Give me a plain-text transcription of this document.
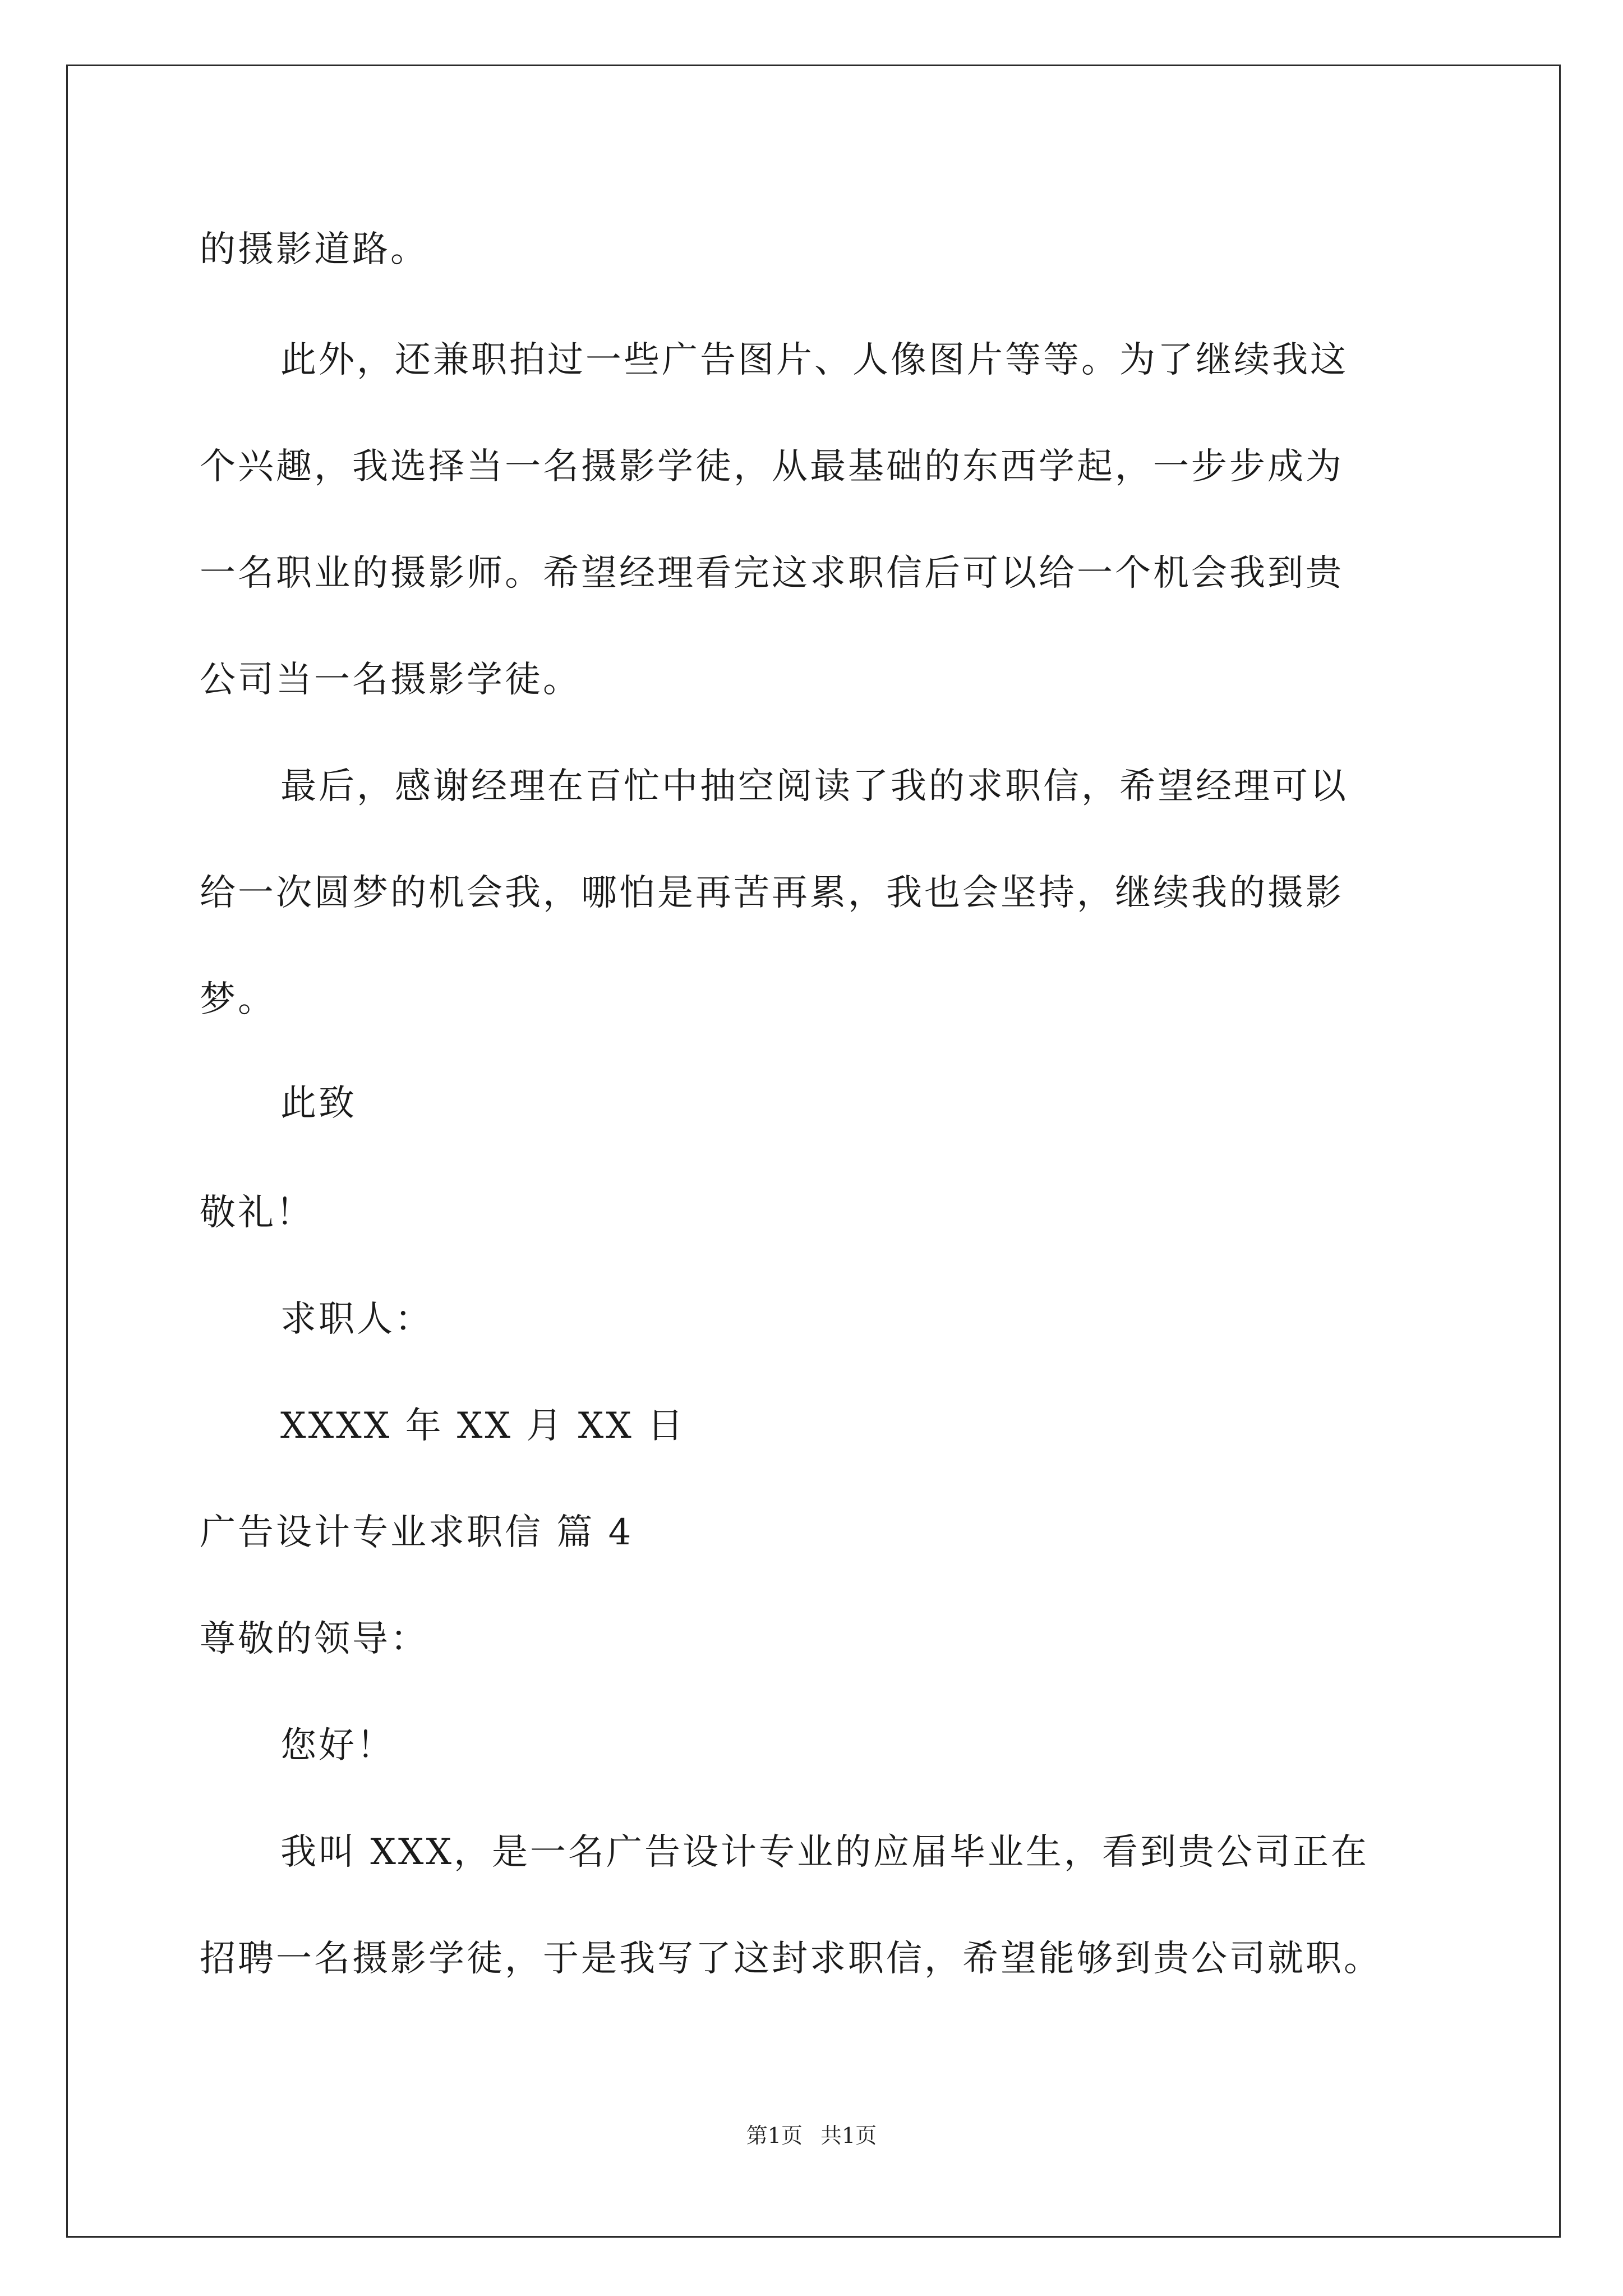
的摄影道路。
此外，还兼职拍过一些广告图片、人像图片等等。为了继续我这
个兴趣，我选择当一名摄影学徒，从最基础的东西学起，一步步成为
一名职业的摄影师。希望经理看完这求职信后可以给一个机会我到贵
公司当一名摄影学徒。
最后，感谢经理在百忙中抽空阅读了我的求职信，希望经理可以
给一次圆梦的机会我，哪怕是再苦再累，我也会坚持，继续我的摄影
梦。
此致
敬礼！
求职人：
XXXX 年 XX 月 XX 日
广告设计专业求职信 篇 4
尊敬的领导：
您好！
我叫 XXX，是一名广告设计专业的应届毕业生，看到贵公司正在
招聘一名摄影学徒，于是我写了这封求职信，希望能够到贵公司就职。
第1页 共1页
